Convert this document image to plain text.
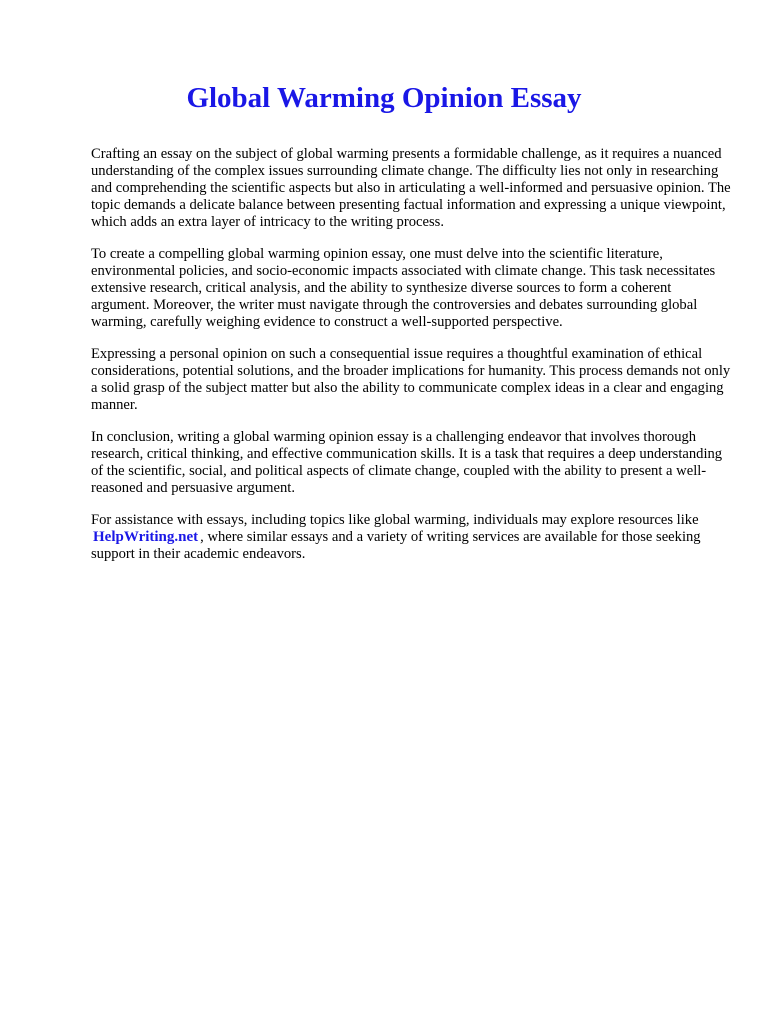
Global Warming Opinion Essay

Crafting an essay on the subject of global warming presents a formidable challenge, as it requires a nuanced understanding of the complex issues surrounding climate change. The difficulty lies not only in researching and comprehending the scientific aspects but also in articulating a well-informed and persuasive opinion. The topic demands a delicate balance between presenting factual information and expressing a unique viewpoint, which adds an extra layer of intricacy to the writing process.

To create a compelling global warming opinion essay, one must delve into the scientific literature, environmental policies, and socio-economic impacts associated with climate change. This task necessitates extensive research, critical analysis, and the ability to synthesize diverse sources to form a coherent argument. Moreover, the writer must navigate through the controversies and debates surrounding global warming, carefully weighing evidence to construct a well-supported perspective.

Expressing a personal opinion on such a consequential issue requires a thoughtful examination of ethical considerations, potential solutions, and the broader implications for humanity. This process demands not only a solid grasp of the subject matter but also the ability to communicate complex ideas in a clear and engaging manner.

In conclusion, writing a global warming opinion essay is a challenging endeavor that involves thorough research, critical thinking, and effective communication skills. It is a task that requires a deep understanding of the scientific, social, and political aspects of climate change, coupled with the ability to present a well-reasoned and persuasive argument.

For assistance with essays, including topics like global warming, individuals may explore resources like HelpWriting.net , where similar essays and a variety of writing services are available for those seeking support in their academic endeavors.
